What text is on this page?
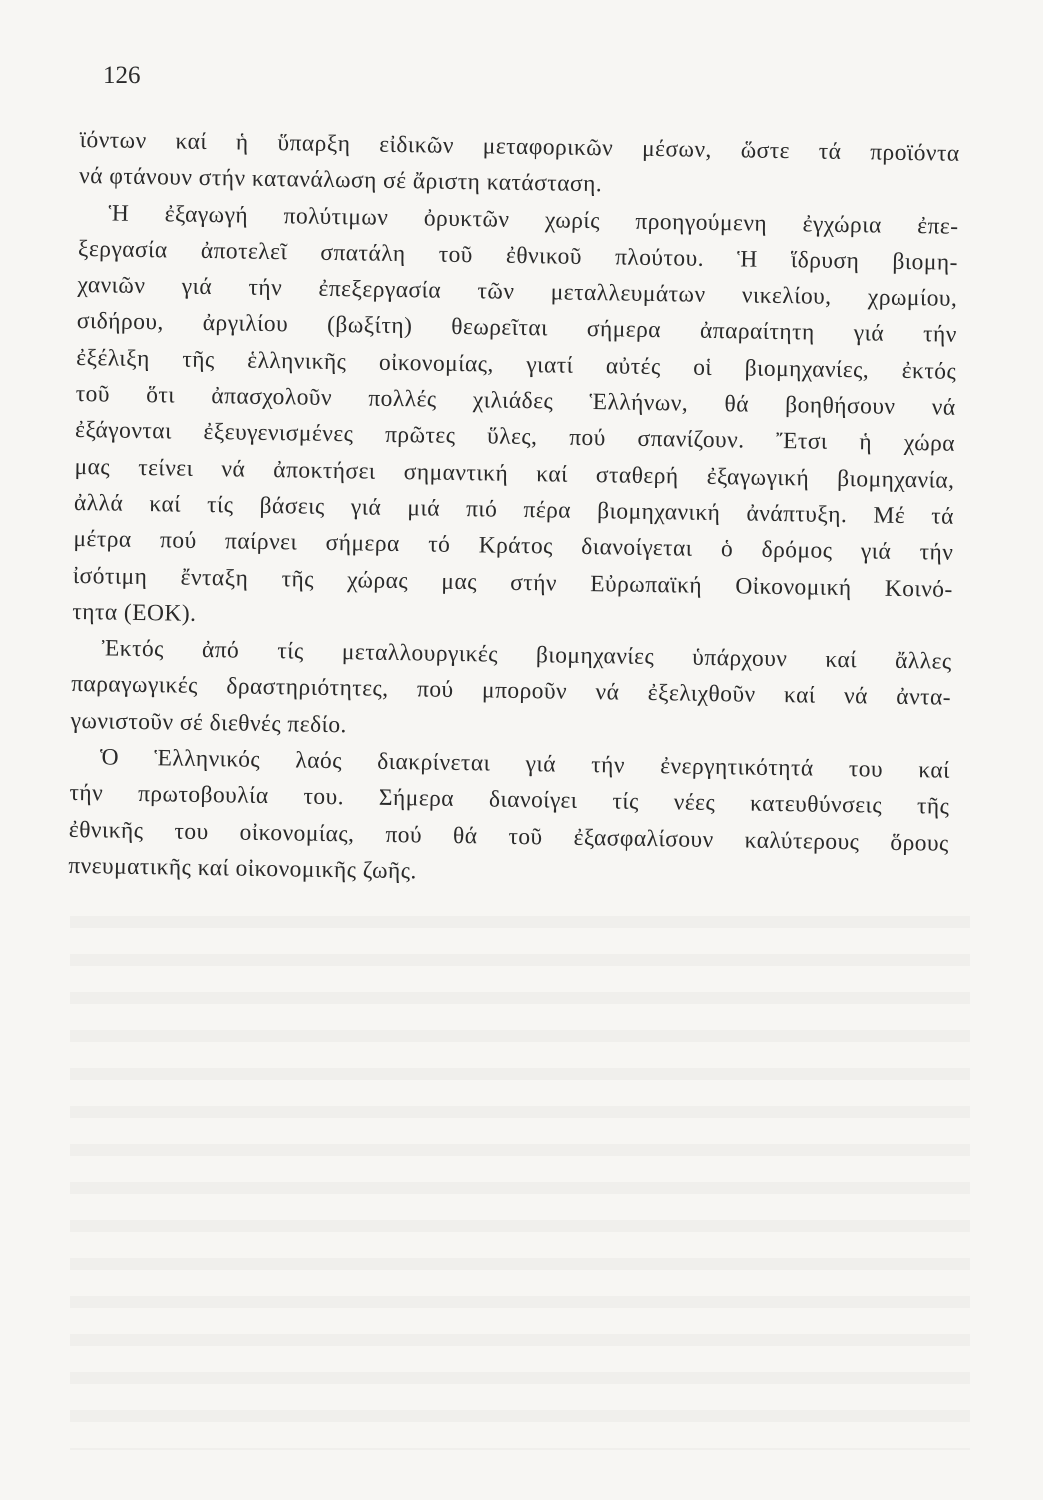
126
ϊόντων καί ἡ ὕπαρξη εἰδικῶν μεταφορικῶν μέσων, ὥστε τά προϊόντα
νά φτάνουν στήν κατανάλωση σέ ἄριστη κατάσταση.
Ἡ ἐξαγωγή πολύτιμων ὀρυκτῶν χωρίς προηγούμενη ἐγχώρια ἐπε-
ξεργασία ἀποτελεῖ σπατάλη τοῦ ἐθνικοῦ πλούτου. Ἡ ἵδρυση βιομη-
χανιῶν γιά τήν ἐπεξεργασία τῶν μεταλλευμάτων νικελίου, χρωμίου,
σιδήρου, ἀργιλίου (βωξίτη) θεωρεῖται σήμερα ἀπαραίτητη γιά τήν
ἐξέλιξη τῆς ἑλληνικῆς οἰκονομίας, γιατί αὐτές οἱ βιομηχανίες, ἐκτός
τοῦ ὅτι ἀπασχολοῦν πολλές χιλιάδες Ἑλλήνων, θά βοηθήσουν νά
ἐξάγονται ἐξευγενισμένες πρῶτες ὕλες, πού σπανίζουν. Ἔτσι ἡ χώρα
μας τείνει νά ἀποκτήσει σημαντική καί σταθερή ἐξαγωγική βιομηχανία,
ἀλλά καί τίς βάσεις γιά μιά πιό πέρα βιομηχανική ἀνάπτυξη. Μέ τά
μέτρα πού παίρνει σήμερα τό Κράτος διανοίγεται ὁ δρόμος γιά τήν
ἰσότιμη ἔνταξη τῆς χώρας μας στήν Εὐρωπαϊκή Οἰκονομική Κοινό-
τητα (ΕΟΚ).
Ἐκτός ἀπό τίς μεταλλουργικές βιομηχανίες ὑπάρχουν καί ἄλλες
παραγωγικές δραστηριότητες, πού μποροῦν νά ἐξελιχθοῦν καί νά ἀντα-
γωνιστοῦν σέ διεθνές πεδίο.
Ὁ Ἑλληνικός λαός διακρίνεται γιά τήν ἐνεργητικότητά του καί
τήν πρωτοβουλία του. Σήμερα διανοίγει τίς νέες κατευθύνσεις τῆς
ἐθνικῆς του οἰκονομίας, πού θά τοῦ ἐξασφαλίσουν καλύτερους ὅρους
πνευματικῆς καί οἰκονομικῆς ζωῆς.
